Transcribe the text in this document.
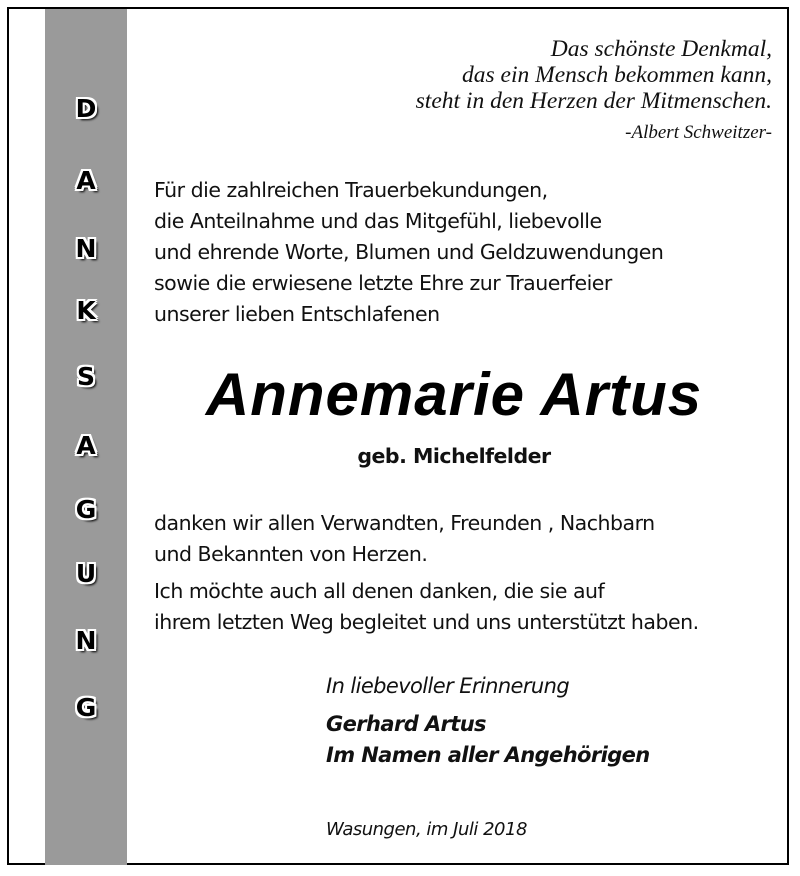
D
A
N
K
S
A
G
U
N
G
Das schönste Denkmal,
das ein Mensch bekommen kann,
steht in den Herzen der Mitmenschen.
-Albert Schweitzer-
Für die zahlreichen Trauerbekundungen,
die Anteilnahme und das Mitgefühl, liebevolle
und ehrende Worte, Blumen und Geldzuwendungen
sowie die erwiesene letzte Ehre zur Trauerfeier
unserer lieben Entschlafenen
Annemarie Artus
geb. Michelfelder
danken wir allen Verwandten, Freunden , Nachbarn
und Bekannten von Herzen.
Ich möchte auch all denen danken, die sie auf
ihrem letzten Weg begleitet und uns unterstützt haben.
In liebevoller Erinnerung
Gerhard Artus
Im Namen aller Angehörigen
Wasungen, im Juli 2018
